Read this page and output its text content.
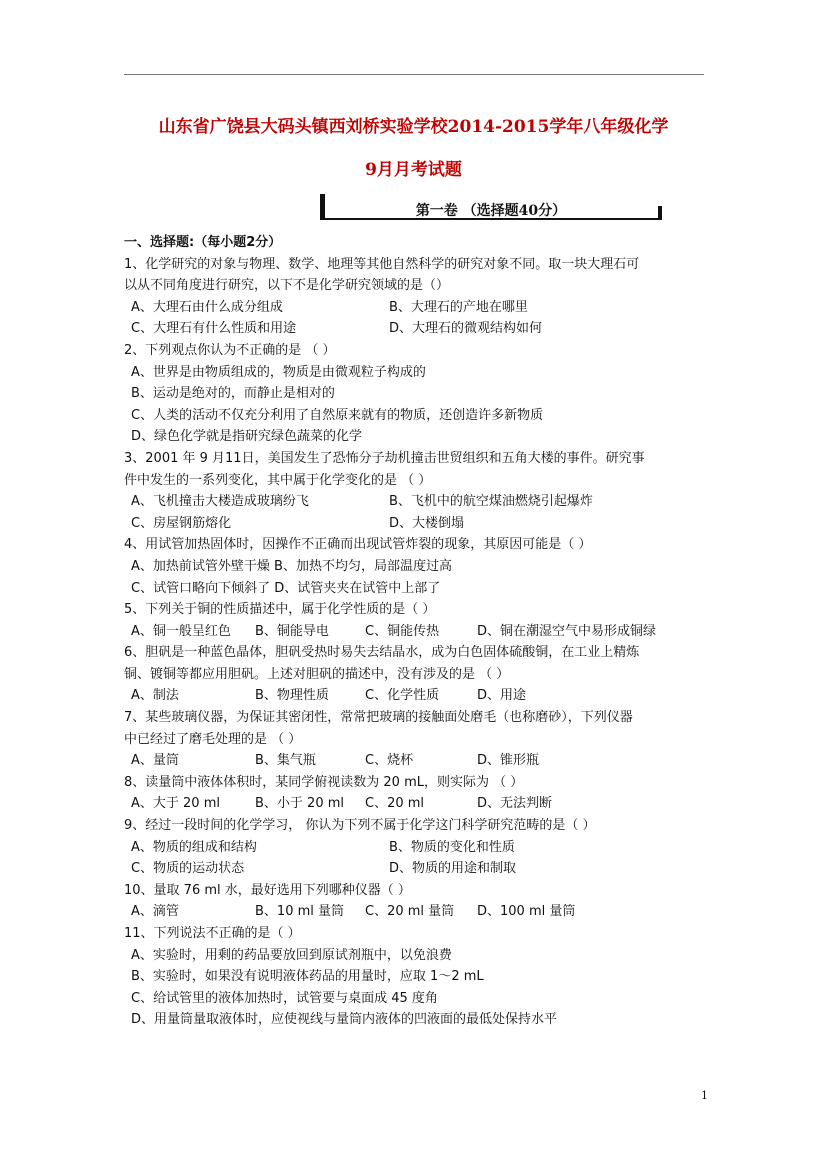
山东省广饶县大码头镇西刘桥实验学校2014-2015学年八年级化学
9月月考试题
第一卷 （选择题40分）
一、选择题:（每小题2分）
1、化学研究的对象与物理、数学、地理等其他自然科学的研究对象不同。取一块大理石可
以从不同角度进行研究，以下不是化学研究领域的是（）
A、大理石由什么成分组成	B、大理石的产地在哪里
C、大理石有什么性质和用途	D、大理石的微观结构如何
2、下列观点你认为不正确的是 （ ）
A、世界是由物质组成的，物质是由微观粒子构成的
B、运动是绝对的，而静止是相对的
C、人类的活动不仅充分利用了自然原来就有的物质，还创造许多新物质
D、绿色化学就是指研究绿色蔬菜的化学
3、2001 年 9 月11日，美国发生了恐怖分子劫机撞击世贸组织和五角大楼的事件。研究事
件中发生的一系列变化，其中属于化学变化的是 （ ）
A、飞机撞击大楼造成玻璃纷飞	B、飞机中的航空煤油燃烧引起爆炸
C、房屋钢筋熔化	D、大楼倒塌
4、用试管加热固体时，因操作不正确而出现试管炸裂的现象，其原因可能是（ ）
A、加热前试管外壁干燥 B、加热不均匀，局部温度过高
C、试管口略向下倾斜了 D、试管夹夹在试管中上部了
5、下列关于铜的性质描述中，属于化学性质的是（ ）
A、铜一般呈红色	B、铜能导电	C、铜能传热	D、铜在潮湿空气中易形成铜绿
6、胆矾是一种蓝色晶体，胆矾受热时易失去结晶水，成为白色固体硫酸铜，在工业上精炼
铜、镀铜等都应用胆矾。上述对胆矾的描述中，没有涉及的是 （ ）
A、制法	B、物理性质	C、化学性质	D、用途
7、某些玻璃仪器，为保证其密闭性，常常把玻璃的接触面处磨毛（也称磨砂），下列仪器
中已经过了磨毛处理的是 （ ）
A、量筒	B、集气瓶	C、烧杯	D、锥形瓶
8、读量筒中液体体积时，某同学俯视读数为 20 mL，则实际为 （ ）
A、大于 20 ml	B、小于 20 ml	C、20 ml	D、无法判断
9、经过一段时间的化学学习， 你认为下列不属于化学这门科学研究范畴的是（ ）
A、物质的组成和结构	B、物质的变化和性质
C、物质的运动状态	D、物质的用途和制取
10、量取 76 ml 水，最好选用下列哪种仪器（ ）
A、滴管	B、10 ml 量筒	C、20 ml 量筒	D、100 ml 量筒
11、下列说法不正确的是（ ）
A、实验时，用剩的药品要放回到原试剂瓶中，以免浪费
B、实验时，如果没有说明液体药品的用量时，应取 1～2 mL
C、给试管里的液体加热时，试管要与桌面成 45 度角
D、用量筒量取液体时，应使视线与量筒内液体的凹液面的最低处保持水平
1
